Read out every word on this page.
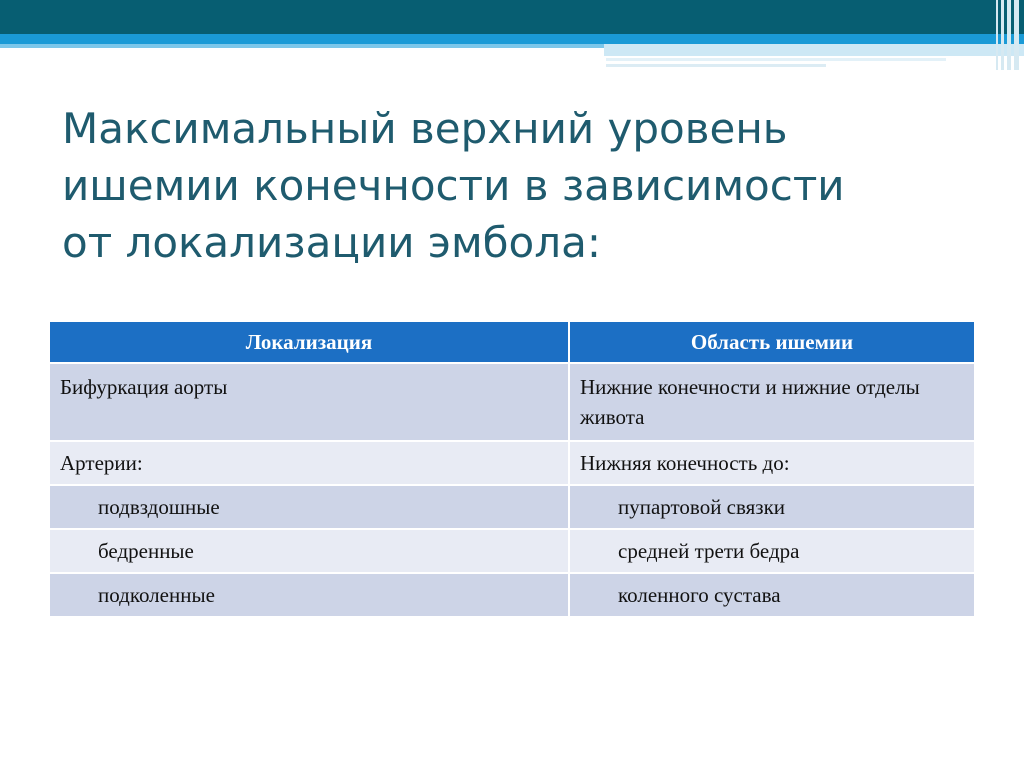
Максимальный верхний уровень
ишемии конечности в зависимости
от локализации эмбола:
Локализация	Область ишемии
Бифуркация аорты	Нижние конечности и нижние отделы живота
Артерии:	Нижняя конечность до:
подвздошные	пупартовой связки
бедренные	средней трети бедра
подколенные	коленного сустава
